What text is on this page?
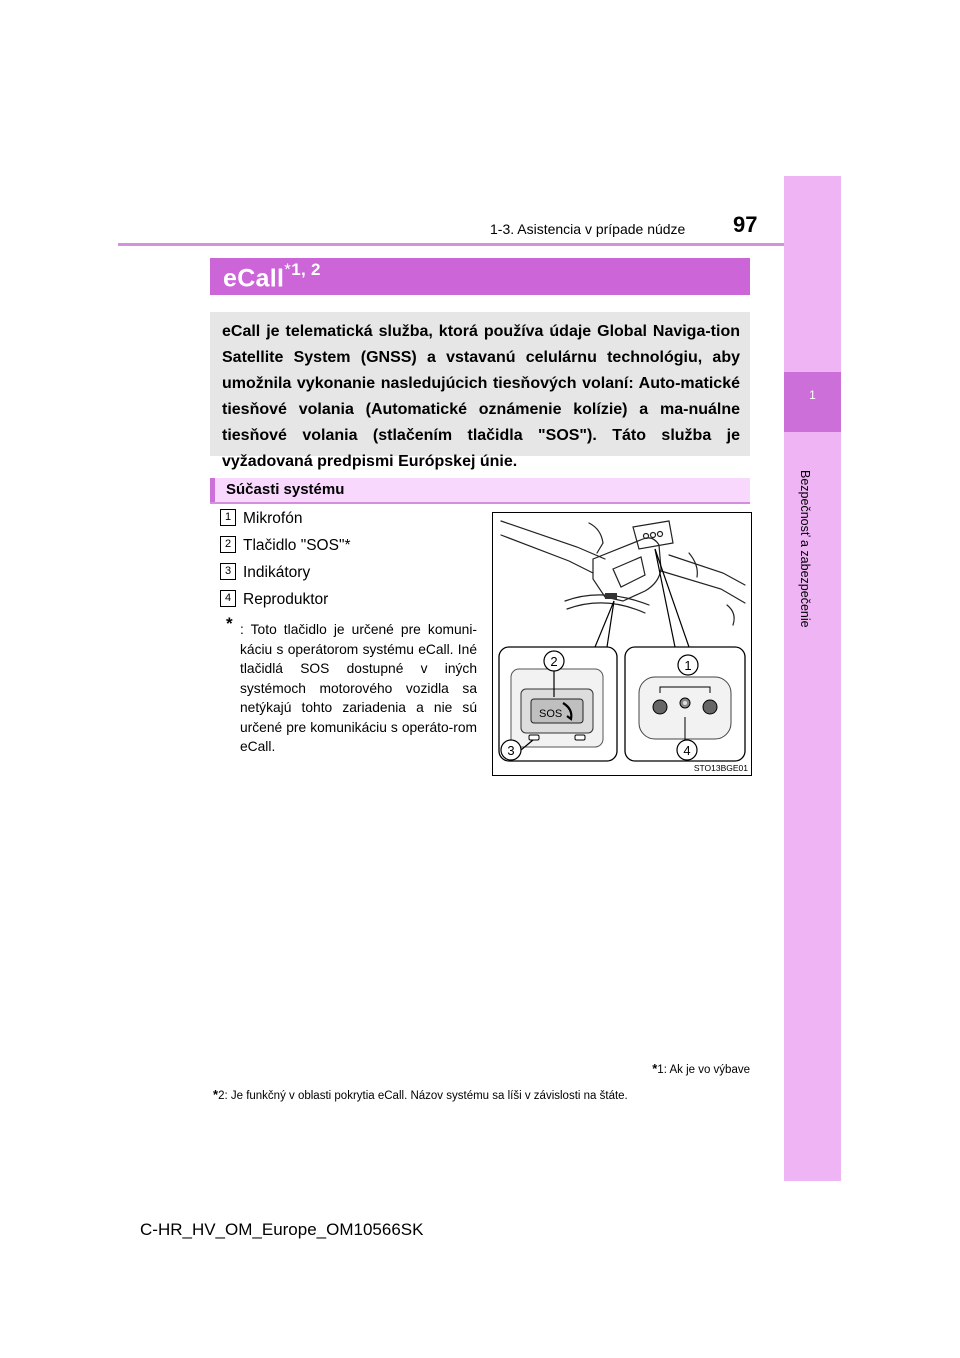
1
Bezpečnosť a zabezpečenie
1-3. Asistencia v prípade núdze 97
eCall$^{*1, 2}$
eCall je telematická služba, ktorá používa údaje Global Naviga-tion Satellite System (GNSS) a vstavanú celulárnu technológiu, aby umožnila vykonanie nasledujúcich tiesňových volaní: Auto-matické tiesňové volania (Automatické oznámenie kolízie) a ma-nuálne tiesňové volania (stlačením tlačidla "SOS"). Táto služba je vyžadovaná predpismi Európskej únie.
Súčasti systému
1 Mikrofón
2 Tlačidlo "SOS"*
3 Indikátory
4 Reproduktor
* : Toto tlačidlo je určené pre komuni-káciu s operátorom systému eCall. Iné tlačidlá SOS dostupné v iných systémoch motorového vozidla sa netýkajú tohto zariadenia a nie sú určené pre komunikáciu s operáto-rom eCall.
SOS
2	1
3	4
STO13BGE01
*1: Ak je vo výbave
*2: Je funkčný v oblasti pokrytia eCall. Názov systému sa líši v závislosti na štáte.
C-HR_HV_OM_Europe_OM10566SK
